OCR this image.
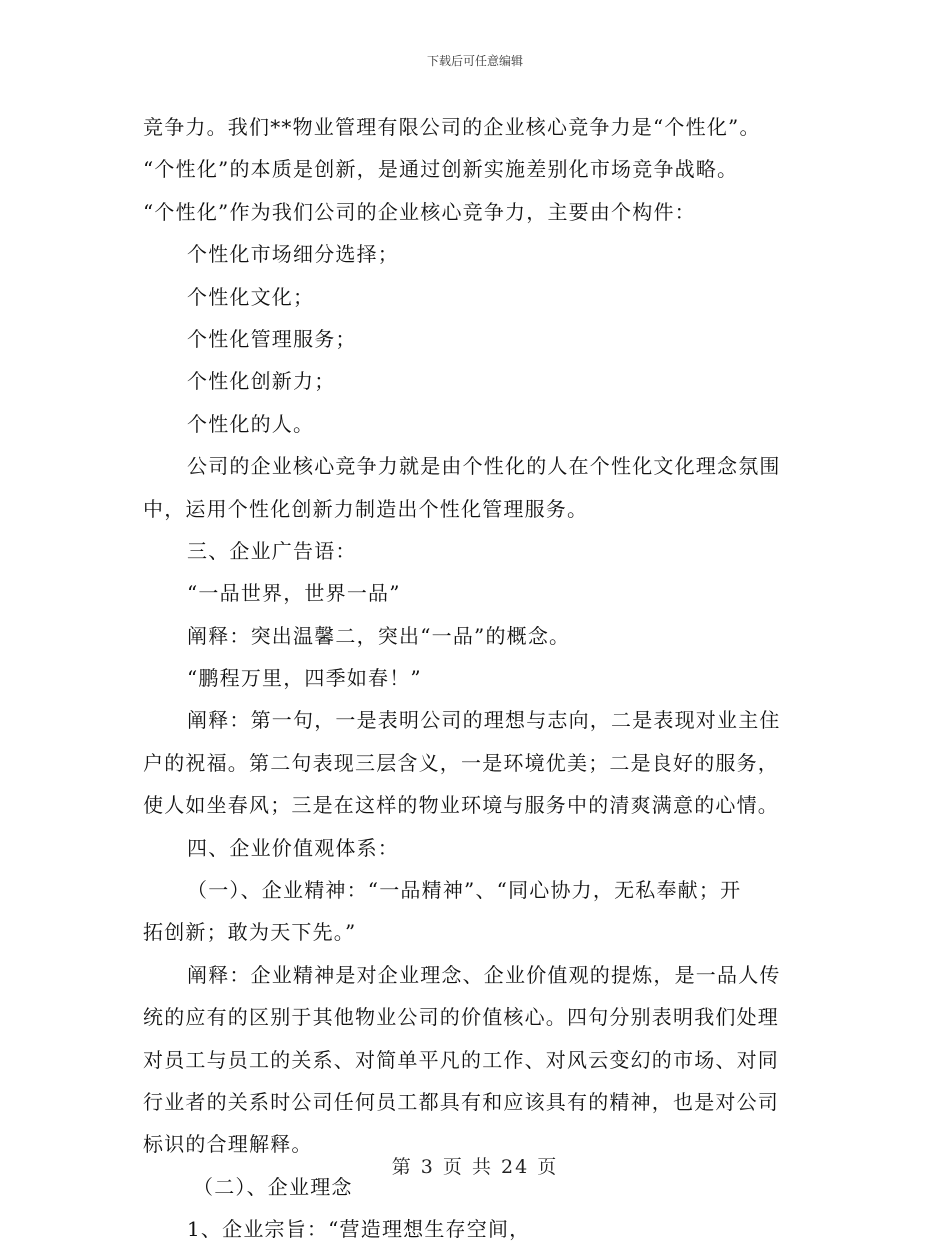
下载后可任意编辑
竞争力。我们**物业管理有限公司的企业核心竞争力是“个性化”。
“个性化”的本质是创新，是通过创新实施差别化市场竞争战略。
“个性化”作为我们公司的企业核心竞争力，主要由个构件：
个性化市场细分选择；
个性化文化；
个性化管理服务；
个性化创新力；
个性化的人。
公司的企业核心竞争力就是由个性化的人在个性化文化理念氛围
中，运用个性化创新力制造出个性化管理服务。
三、企业广告语：
“一品世界，世界一品”
阐释：突出温馨二，突出“一品”的概念。
“鹏程万里，四季如春！”
阐释：第一句，一是表明公司的理想与志向，二是表现对业主住
户的祝福。第二句表现三层含义，一是环境优美；二是良好的服务，
使人如坐春风；三是在这样的物业环境与服务中的清爽满意的心情。
四、企业价值观体系：
（一）、企业精神：“一品精神”、“同心协力，无私奉献；开
拓创新；敢为天下先。”
阐释：企业精神是对企业理念、企业价值观的提炼，是一品人传
统的应有的区别于其他物业公司的价值核心。四句分别表明我们处理
对员工与员工的关系、对简单平凡的工作、对风云变幻的市场、对同
行业者的关系时公司任何员工都具有和应该具有的精神，也是对公司
标识的合理解释。
（二）、企业理念
1、企业宗旨：“营造理想生存空间，
第 3 页 共 24 页
